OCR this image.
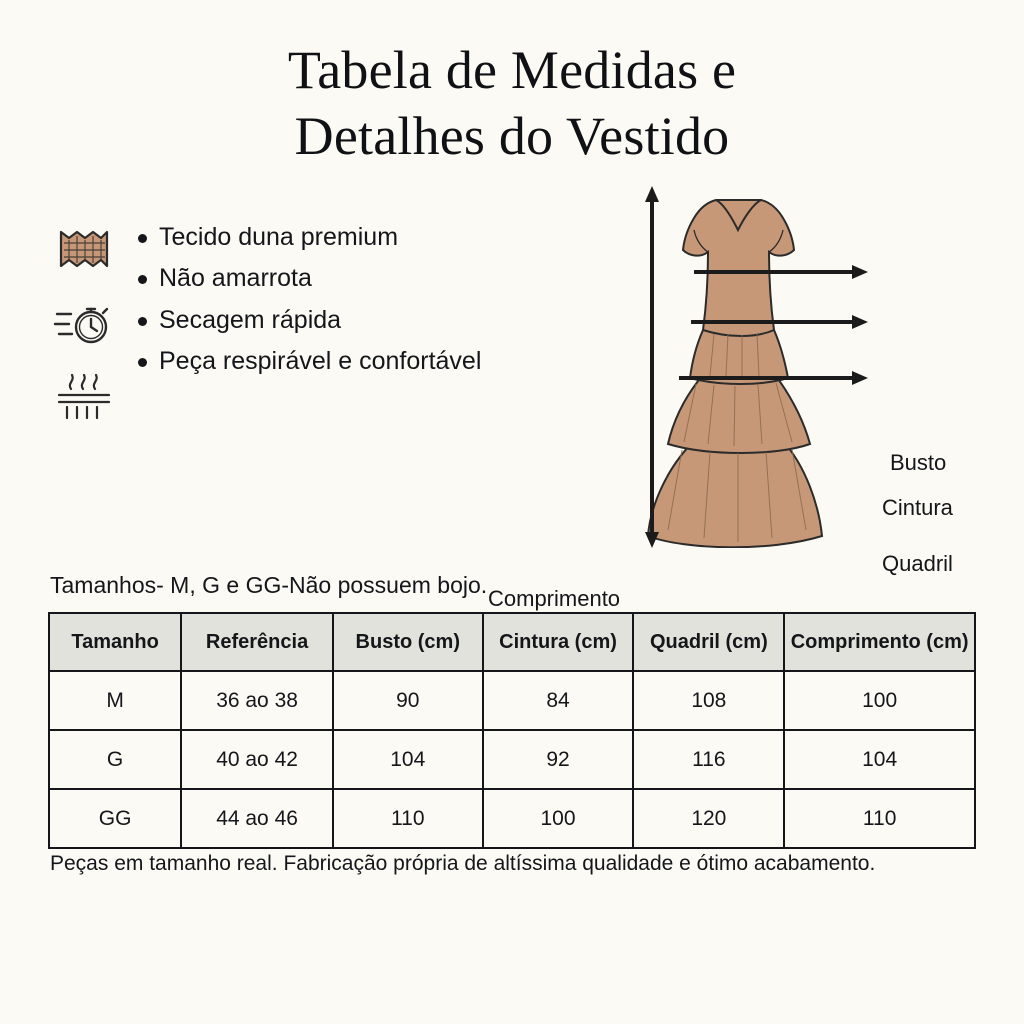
Tabela de Medidas e
Detalhes do Vestido
Tecido duna premium
Não amarrota
Secagem rápida
Peça respirável e confortável
Busto
Cintura
Quadril
Comprimento
Tamanhos- M, G e GG-Não possuem bojo.
Tamanho	Referência	Busto (cm)	Cintura (cm)	Quadril (cm)	Comprimento (cm)
M	36 ao 38	90	84	108	100
G	40 ao 42	104	92	116	104
GG	44 ao 46	110	100	120	110
Peças em tamanho real. Fabricação própria de altíssima qualidade e ótimo acabamento.
